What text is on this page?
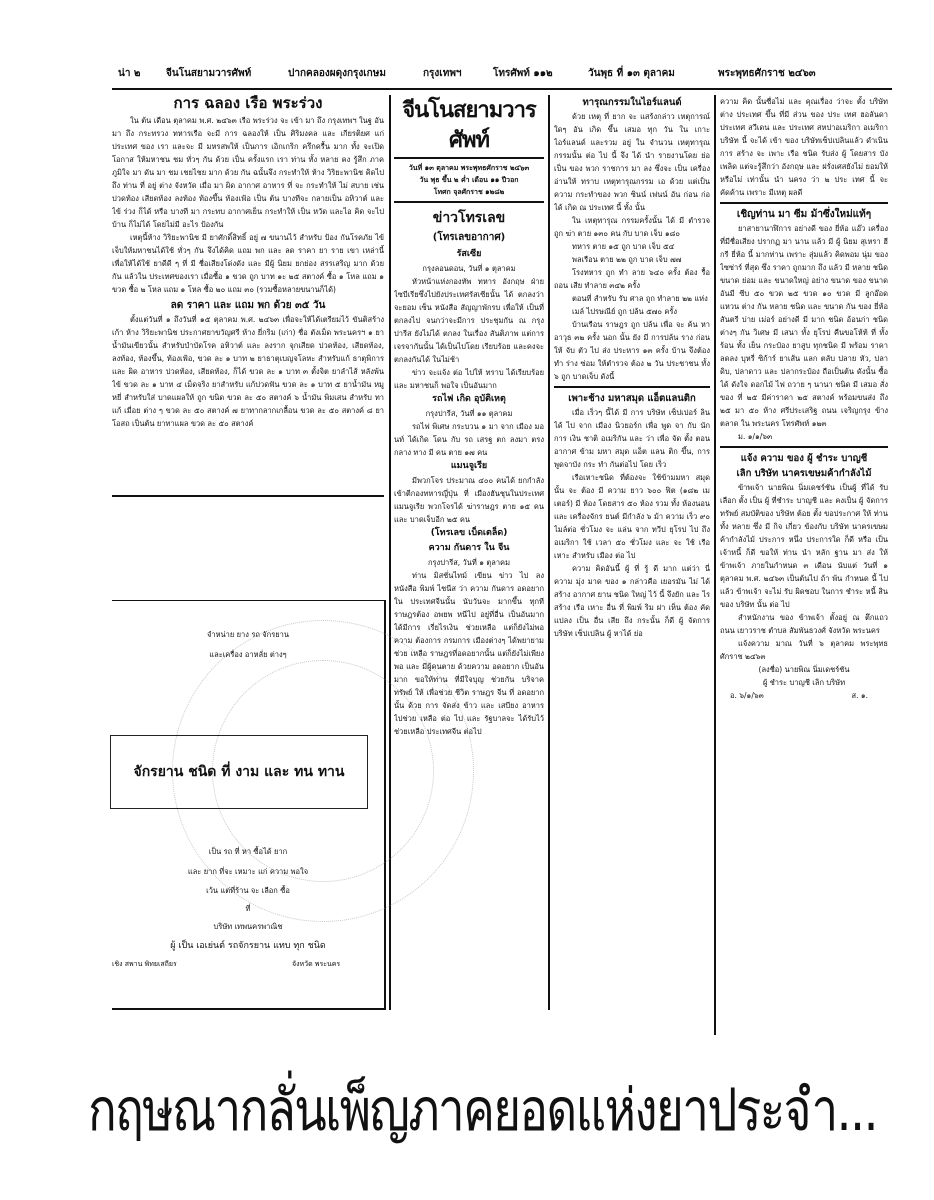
น่า ๒	จีนโนสยามวารศัพท์	ปากคลองผดุงกรุงเกษม	กรุงเทพฯ	โทรศัพท์ ๑๑๒	วันพุธ ที่ ๑๓ ตุลาคม	พระพุทธศักราช ๒๔๖๓
การ ฉลอง เรือ พระร่วง

ใน ต้น เดือน ตุลาคม พ.ศ. ๒๔๖๓ เรือ พระร่วง จะ เข้า มา ถึง กรุงเทพฯ ในฐ อัน มา ถึง กระทรวง ทหารเรือ จะมี การ ฉลองให้ เป็น ศิริมงคล และ เกียรติยศ แก่ ประเทศ ของ เรา และจะ มี มหรสพให้ เป็นการ เอิกเกริก ครึกครื้น มาก ทั้ง จะเปิดโอกาส ให้มหาชน ชม ทั่วๆ กัน ด้วย เป็น ครั้งแรก เรา ท่าน ทั้ง หลาย คง รู้สึก ภาคภูมิใจ มา ดัน มา ชม เชยไชย มาก ด้วย กัน ฉนั้นจึง กระทำให้ ห้าง วิริยะพานิช คิดไป ถึง ท่าน ที่ อยู่ ต่าง จังหวัด เมื่อ มา ผิด อากาศ อาหาร ที่ จะ กระทำให้ ไม่ สบาย เช่น ปวดท้อง เสียดท้อง ลงท้อง ท้องขึ้น ท้องเฟ้อ เป็น ต้น บางทีจะ กลายเป็น อหิวาต์ และ ไข้ ร่วง ก็ได้ หรือ บางที มา กระทบ อากาศเย็น กระทำให้ เป็น หวัด และไอ คิด จะไป บ้าน ก็ไม่ได้ โดยไม่มี อะไร ป้องกัน

เหตุนี้ห้าง วิริยะพานิช มี ยาศักดิ์สิทธิ์ อยู่ ๗ ขนานไว้ สำหรับ ป้อง กันโรคภัย ไข้ เจ็บให้มหาชนได้ใช้ ทั่วๆ กัน จึงได้คิด แถม พก และ ลด ราคา ยา ราย เขา เหล่านี้ เพื่อให้ได้ใช้ ยาดีดี ๆ ที่ มี ชื่อเสียงโด่งดัง และ มีผู้ นิยม ยกย่อง สรรเสริญ มาก ด้วย กัน แล้วใน ประเทศของเรา เมื่อซื้อ ๑ ขวด ถูก บาท ๑ะ ๒๕ สตางค์ ซื้อ ๑ โหล แถม ๑ ขวด ซื้อ ๒ โหล แถม ๑ โหล ซื้อ ๒๐ แถม ๓๐ (รวมซื้อหลายขนานก็ได้)

ลด ราคา และ แถม พก ด้วย ๓๕ วัน

ตั้งแต่วันที่ ๑ ถึงวันที่ ๑๕ ตุลาคม พ.ศ. ๒๔๖๓ เพื่อจะให้ได้เตรียมไว้ ขันติสร้างเก้า ห้าง วิริยะพานิช ประกาศยาขวัญศรี ห้าง ยี่กริม (เก่า) ชื่อ ตังเม็ด พระนครฯ ๑ ยาน้ำมันเขียวนั้น สำหรับบำบัดโรค อหิวาต์ และ ลงราก จุกเสียด ปวดท้อง, เสียดท้อง, ลงท้อง, ท้องขึ้น, ท้องเฟ้อ, ขวด ละ ๑ บาท ๒ ยาธาตุเบญจโลหะ สำหรับแก้ ธาตุพิการ และ ผิด อาหาร ปวดท้อง, เสียดท้อง, ก็ได้ ขวด ละ ๑ บาท ๓ ตั้งจิต ยาลำไส้ หลังพ้นไข้ ขวด ละ ๑ บาท ๔ เม็ดจริง ยาสำหรับ แก้ปวดฟัน ขวด ละ ๑ บาท ๕ ยาน้ำมัน หมูหยี่ สำหรับใส่ บาดแผลให้ ถูก ขนิด ขวด ละ ๕๐ สตางค์ ๖ น้ำมัน พิมเสน สำหรับ ทา แก้ เมื่อย ต่าง ๆ ขวด ละ ๕๐ สตางค์ ๗ ยาทากลากเกลื้อน ขวด ละ ๕๐ สตางค์ ๘ ยาโอสถ เป็นต้น ยาทาแผล ขวด ละ ๕๐ สตางค์

จำหน่าย ยาง รถ จักรยาน
และเครื่อง อาหลั่ย ต่างๆ
จักรยาน ชนิด ที่ งาม และ ทน ทาน
เป็น รถ ที่ หา ซื้อได้ ยาก
และ ยาก ที่จะ เหมาะ แก่ ความ พอใจ
เว้น แต่ที่ร้าน จะ เลือก ซื้อ
ที่
บริษัท เทพนครพาณิช
ผู้ เป็น เอเย่นต์ รถจักรยาน แทบ ทุก ชนิด
เชิง สพาน พิทยเสถียร	จังหวัด พระนคร
จีนโนสยามวารศัพท์
วันที่ ๑๓ ตุลาคม พระพุทธศักราช ๒๔๖๓
วัน พุธ ขึ้น ๒ ค่ำ เดือน ๑๑ ปีวอก
โทศก จุลศักราช ๑๒๘๒
ข่าวโทรเลข
(โทรเลขอากาศ)
รัสเซีย
กรุงลอนดอน, วันที่ ๑ ตุลาคม

หัวหน้าแห่งกองทัพ ทหาร อังกฤษ ฝ่าย ไซบีเรียซึ่งไปยังประเทศรัสเซียนั้น ได้ ตกลงว่าจะยอม เซ็น หนังสือ สัญญาพักรบ เพื่อให้ เป็นที่ตกลงไป จนกว่าจะมีการ ประชุมกัน ณ กรุงปารีส ยังไม่ได้ ตกลง ในเรื่อง สันติภาพ แต่การ เจรจากันนั้น ได้เป็นไปโดย เรียบร้อย และคงจะ ตกลงกันได้ ในไม่ช้า

ข่าว จะแจ้ง ต่อ ไปให้ ทราบ ได้เรียบร้อย และ มหาชนก็ พอใจ เป็นอันมาก

รถไฟ เกิด อุบัติเหตุ
กรุงปารีส, วันที่ ๑๑ ตุลาคม

รถไฟ พิเศษ กระบวน ๑ มา จาก เมือง มอนท์ ได้เกิด โดน กับ รถ เสรฐ ตก ลงมา ตรง กลาง ทาง มี คน ตาย ๑๗ คน

แมนจูเรีย

มีพวกโจร ประมาณ ๔๐๐ คนได้ ยกกำลัง เข้าตีกองทหารญี่ปุ่น ที่ เมืองฮันชุนในประเทศ แมนจูเรีย พวกโจรได้ ฆ่าราษฎร ตาย ๑๕ คน และ บาดเจ็บอีก ๒๕ คน

(โทรเลข เบ็ดเตล็ด)
ความ กันดาร ใน จีน
กรุงปารีส, วันที่ ๑ ตุลาคม

ท่าน มิสชั่นไทม์ เขียน ข่าว ไป ลง หนังสือ พิมพ์ ไชนีส ว่า ความ กันดาร อดอยาก ใน ประเทศจีนนั้น นับวันจะ มากขึ้น ทุกที ราษฎรต้อง อพยพ หนีไป อยู่ที่อื่น เป็นอันมาก ได้มีการ เรี่ยไรเงิน ช่วยเหลือ แต่ก็ยังไม่พอ ความ ต้องการ กรมการ เมืองต่างๆ ได้พยายามช่วย เหลือ ราษฎรที่อดอยากนั้น แต่ก็ยังไม่เพียงพอ และ มีผู้คนตาย ด้วยความ อดอยาก เป็นอันมาก ขอให้ท่าน ที่มีใจบุญ ช่วยกัน บริจาค ทรัพย์ ให้ เพื่อช่วย ชีวิต ราษฎร จีน ที่ อดอยาก นั้น ด้วย การ จัดส่ง ข้าว และ เสบียง อาหาร ไปช่วย เหลือ ต่อ ไป และ รัฐบาลจะ ได้รับไว้ ช่วยเหลือ ประเทศจีน ต่อไป

ทารุณกรรมในไอร์แลนด์

ด้วย เหตุ ที่ ยาก จะ แสร้งกล่าว เหตุการณ์ ใดๆ อัน เกิด ขึ้น เสมอ ทุก วัน ใน เกาะ ไอร์แลนด์ และรวม อยู่ ใน จำนวน เหตุทารุณ กรรมนั้น ต่อ ไป นี้ จึง ได้ นำ รายงานโดย ย่อ เป็น ของ พวก ราชการ มา ลง ซึ่งจะ เป็น เครื่อง อ่านให้ ทราบ เหตุทารุณกรรม เอ ด้วย แต่เป็น ความ กระทำของ พวก ซินน์ เฟนน์ อัน ก่อน ก่อ ได้ เกิด ณ ประเทศ นี้ ทั้ง นั้น

ใน เหตุทารุณ กรรมครั้งนั้น ได้ มี ตำรวจ ถูก ฆ่า ตาย ๑๓๐ คน กับ บาด เจ็บ ๑๘๐

ทหาร ตาย ๑๕ ถูก บาด เจ็บ ๕๔

พลเรือน ตาย ๒๒ ถูก บาด เจ็บ ๗๗

โรงทหาร ถูก ทำ ลาย ๖๔๐ ครั้ง ต้อง รื้อ ถอน เสีย ทำลาย ๓๔๒ ครั้ง

ตอนที่ สำหรับ รับ ศาล ถูก ทำลาย ๒๒ แห่ง

เมล์ ไปรษณีย์ ถูก ปล้น ๕๗๐ ครั้ง

บ้านเรือน ราษฎร ถูก ปล้น เพื่อ จะ ค้น หาอาวุธ ๓๒ ครั้ง นอก นั้น ยัง มี การปล้น ราง ก่อน ให้ จับ ตัว ไป ส่ง ประหาร ๑๓ ครั้ง บ้าน จึงต้องทำ ร่าง ซ่อม ให้ตำรวจ ต้อง ๒ วัน ประชาชน ทั้ง ๖ ถูก บาดเจ็บ ดังนี้

เพาะช้าง มหาสมุด แอ็ตแลนติก

เมื่อ เร็วๆ นี้ได้ มี การ บริษัท เซ็ปเปอร์ ลิน ได้ ไป จาก เมือง นิวยอร์ก เพื่อ พูด จา กับ นัก การ เงิน ชาติ อเมริกัน และ ว่า เพื่อ จัด ตั้ง ตอน อากาศ ข้าม มหา สมุด แอ็ต แลน ติก ขึ้น, การ พูดจาบัง กระ ทำ กันต่อไป โดย เร็ว

เรือเหาะชนิด ที่ต้องจะ ใช้ข้ามมหา สมุด นั้น จะ ต้อง มี ความ ยาว ๖๐๐ ฟิต (๑๘๒ เมเตอร์) มี ห้อง โดยสาร ๕๐ ห้อง รวม ทั้ง ห้องนอน และ เครื่องจักร ยนต์ มีกำลัง ๖ ม้า ความ เร็ว ๙๐ ไมล์ต่อ ชั่วโมง จะ แล่น จาก ทวีป ยุโรป ไป ถึง อเมริกา ใช้ เวลา ๕๐ ชั่วโมง และ จะ ใช้ เรือ เหาะ สำหรับ เมือง ต่อ ไป

ความ คิดอันนี้ ผู้ ที่ รู้ ดี มาก แต่ว่า นี่ ความ มุ่ง มาด ของ ๑ กล่าวคือ เยอรมัน ไม่ ได้ สร้าง อากาศ ยาน ชนิด ใหญ่ ไว้ นี้ จึงยัก และ ไร สร้าง เรือ เหาะ อื่น ที่ พิมพ์ ริม ฝา เห็น ต้อง คัด แปลง เป็น อื่น เสีย ถึง กระนั้น ก็ดี ผู้ จัดการ บริษัท เซ็ปเปลิน ผู้ หาได้ ย่อ

ความ คิด นั้นซื่อไม่ และ คุณเรื่อง ว่าจะ ตั้ง บริษัท ต่าง ประเทศ ขึ้น ที่มี ส่วน ของ ประ เทศ ฮอลันดา ประเทศ สวีเดน และ ประเทศ สหปาอเมริกา อเมริกา บริษัท นี้ จะได้ เข้า ของ บริษัทเซ็ปเปลินแล้ว ดำเนิน การ สร้าง จะ เพาะ เรือ ชนิด รับส่ง ผู้ โดยสาร บังเพลิด แต่จะรู้สึกว่า อังกฤษ และ ฝรั่งเศสยังไม่ ยอมให้ หรือไม่ เท่านั้น นำ นครง ว่า ๒ ประ เทศ นี้ จะ คัดค้าน เพราะ มีเหตุ ผลดี

เชิญท่าน มา ซีม ม้าซึ่งใหม่แท้ๆ

ยาสายานาฬิการ อย่างดี ของ ยี่ห้อ แอ๊ว เครื่อง ที่มีชื่อเสียง ปรากฏ มา นาน แล้ว มี ผู้ นิยม สุเหรา ฮีกรี ยี่ห้อ นี้ มากท่าน เพราะ สุ่มแล้ว คิดพอม นุ่ม ของไซซ่าร์ ที่สุด ซึ่ง ราคา ถูกมาก ถึง แล้ว มี หลาย ชนิด ขนาด ย่อม และ ขนาดใหญ่ อย่าง ขนาด ของ ขนาดอันมี ซีบ ๕๐ ขวด ๒๕ ขวด ๑๐ ขวด มี ลูกอ๊อด แหวน ต่าง กัน หลาย ชนิด และ ขนาด กัน ของ ยี่ห้อ สันตรี บ่าย เม่อร์ อย่างดี มี มาก ชนิด อ้อนก่า ชนิด ต่างๆ กัน วิเศษ มี เสนา ทั้ง ยุโรป คืนขอโห้ท้ ที่ ทั้ง ร้อน ทั้ง เย็น กระป๋อง ยาสูบ ทุกชนิด มี พร้อม ราคาลดลง บุหรี่ ซิก้าร์ ยาเส้น แลก ตลับ ปลาย หัว, ปลาดิบ, ปลาดาว และ ปลากระป๋อง ถือเป็นต้น ดังนั้น ซื้อ ได้ ดังใจ ดอกไม้ ไฟ ถวาย ๆ นานา ชนิด มี เสมอ สั่งของ ที่ ๒๕ มีค่าราคา ๒๕ สตางค์ พร้อมขนส่ง ถึง ๒๕ มา ๕๐ ห้าง ศรีประเสริฐ ถนน เจริญกรุง ข้าง ตลาด ใน พระนคร โทรศัพท์ ๑๒๓

ม. ๑/๑/๖๓

แจ้ง ความ ของ ผู้ ชำระ บาญชี
เลิก บริษัท นาครเขษมค้ากำลังไม้

ข้าพเจ้า นายพิณ นิ่มเดชร์ชัน เป็นผู้ ที่ได้ รับ เลือก ตั้ง เป็น ผู้ ที่ชำระ บาญชี และ คงเป็น ผู้ จัดการ ทรัพย์ สมบัติของ บริษัท ต้อย ตั้ง ขอประกาศ ให้ ท่าน ทั้ง หลาย ซึ่ง มี กิจ เกี่ยว ข้องกับ บริษัท นาครเขษมค้ากำลังไม้ ประการ หนึ่ง ประการใด ก็ดี หรือ เป็น เจ้าหนี้ ก็ดี ขอให้ ท่าน นำ หลัก ฐาน มา ส่ง ให้ ข้าพเจ้า ภายในกำหนด ๓ เดือน นับแต่ วันที่ ๑ ตุลาคม พ.ศ. ๒๔๖๓ เป็นต้นไป ถ้า พ้น กำหนด นี้ ไป แล้ว ข้าพเจ้า จะไม่ รับ ผิดชอบ ในการ ชำระ หนี้ สิน ของ บริษัท นั้น ต่อ ไป

สำหนักงาน ของ ข้าพเจ้า ตั้งอยู่ ณ ตึกแถว ถนน เยาวราช ตำบล สัมพันธวงศ์ จังหวัด พระนคร

แจ้งความ มาณ วันที่ ๖ ตุลาคม พระพุทธ ศักราช ๒๔๖๓

(ลงชื่อ) นายพิณ นิ่มเดชร์ชัน
ผู้ ชำระ บาญชี เลิก บริษัท
อ. ๖/๑/๖๓	ส. ๑.
กฤษณากลั่นเพ็ญภาคยอดแห่งยาประจำ...
